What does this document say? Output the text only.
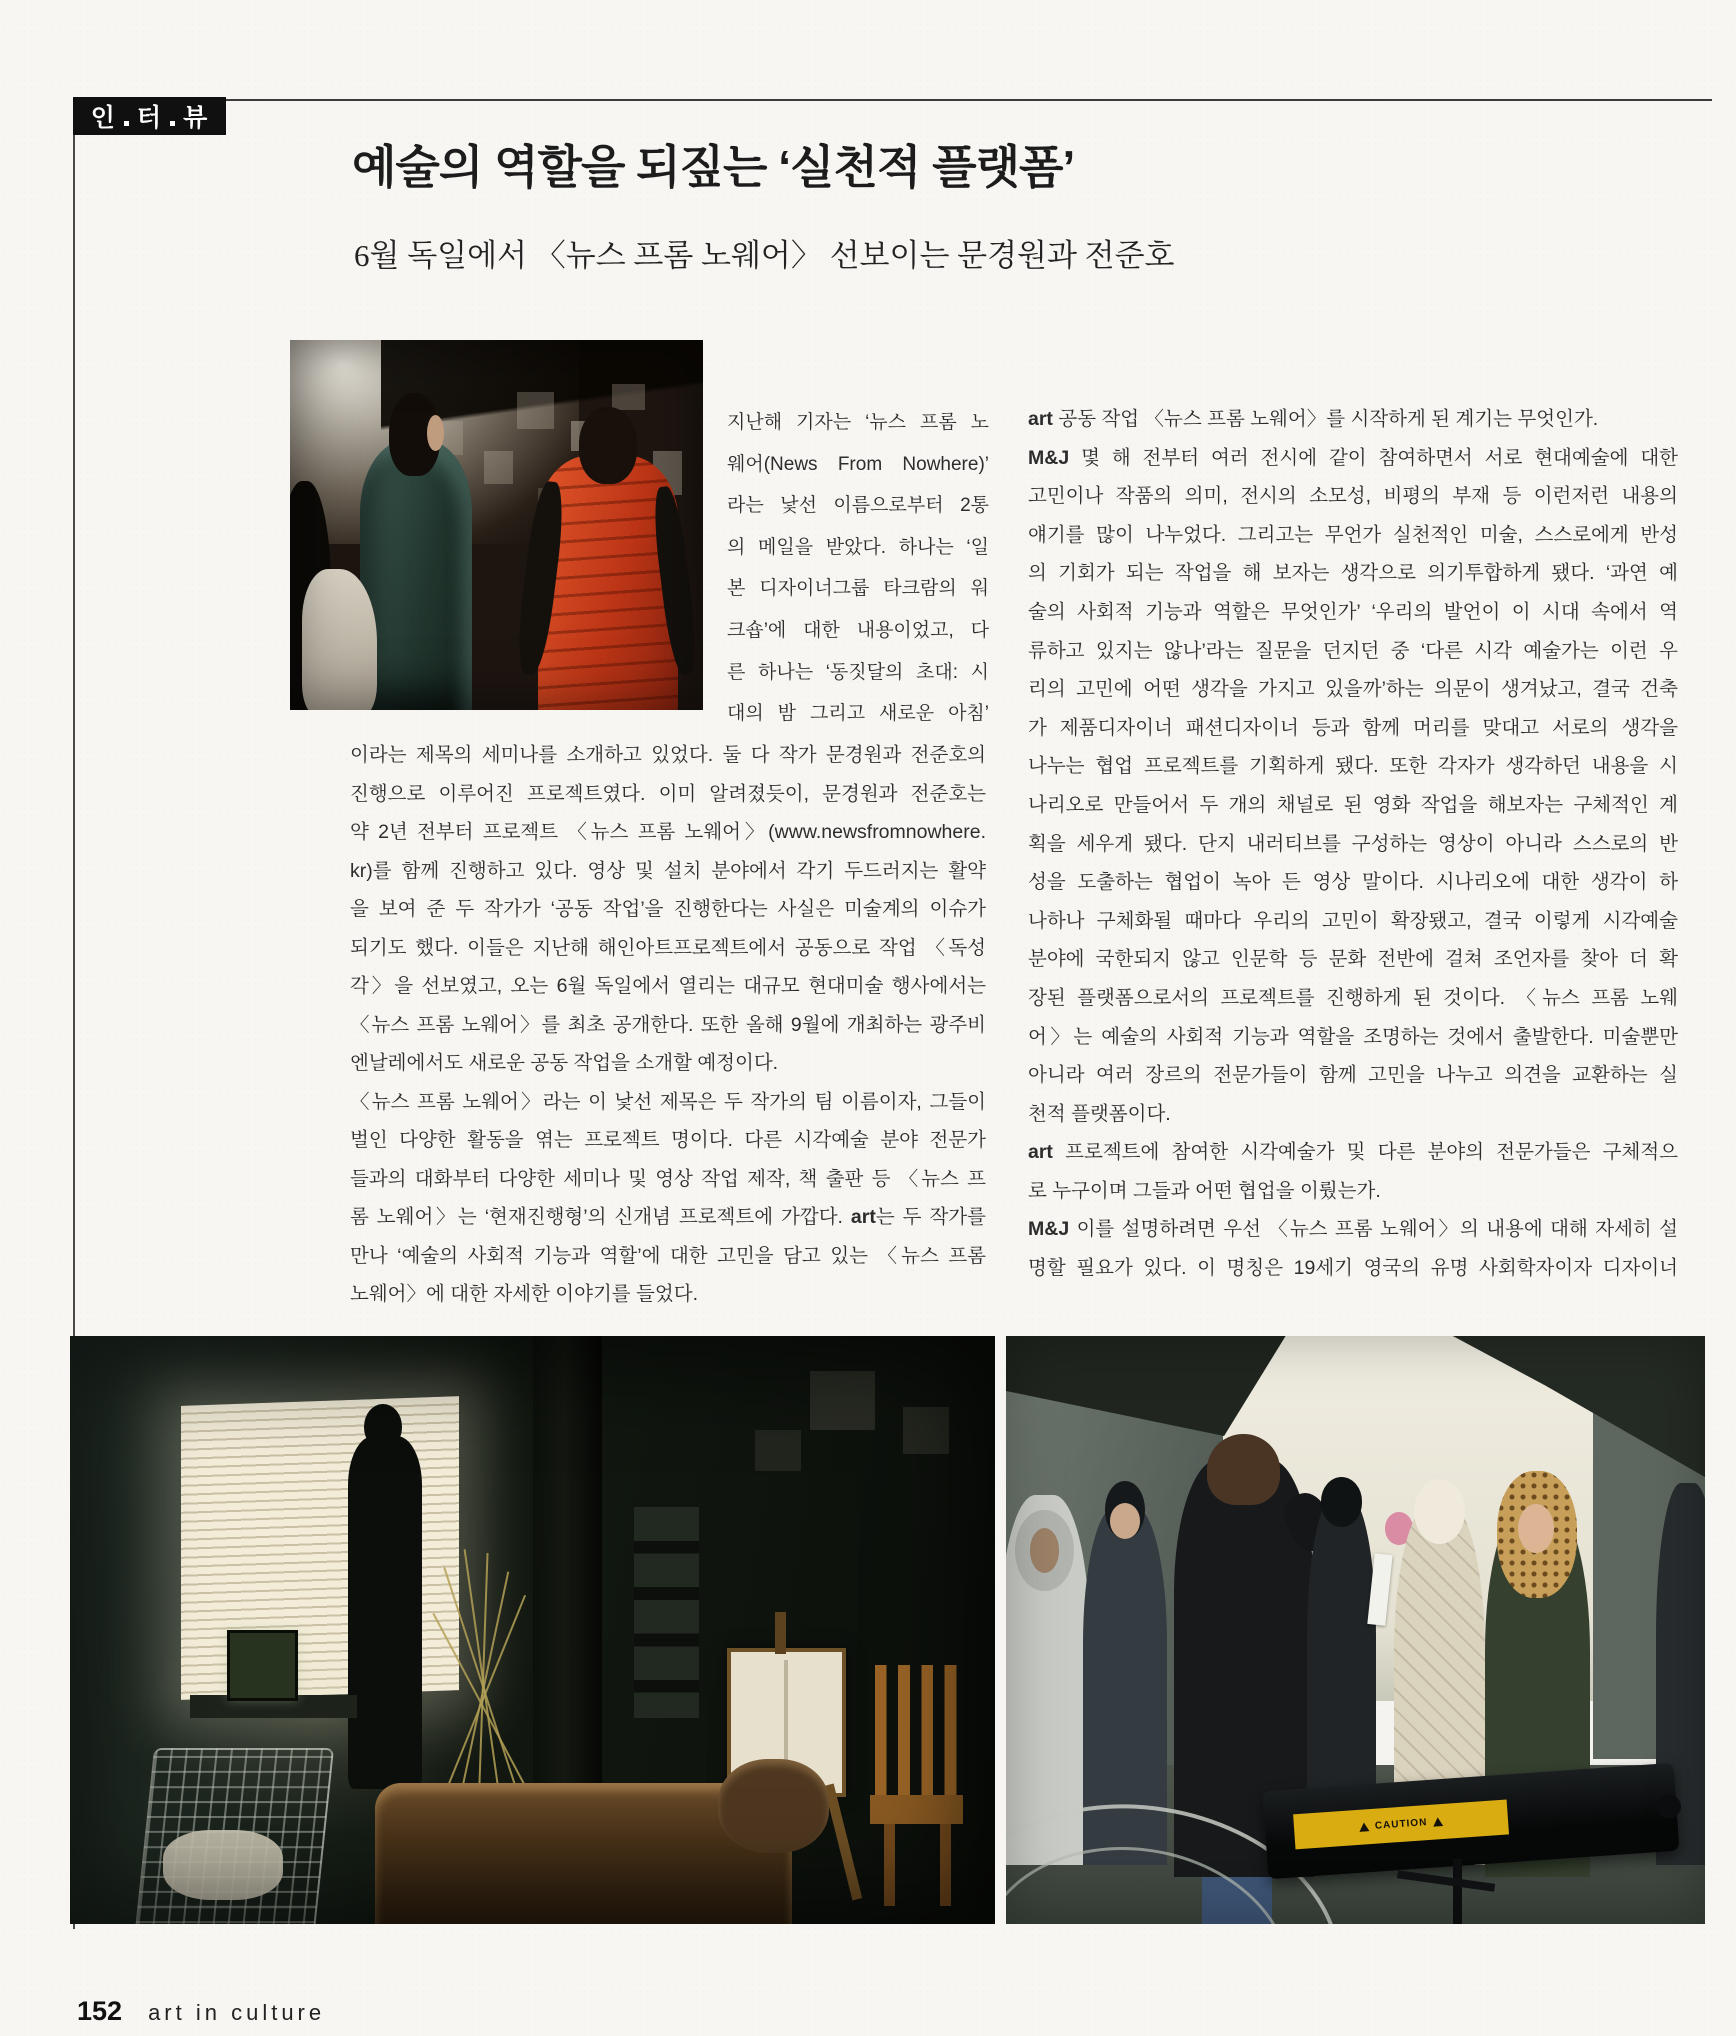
인 터 뷰
예술의 역할을 되짚는 ‘실천적 플랫폼’
6월 독일에서 〈뉴스 프롬 노웨어〉 선보이는 문경원과 전준호
지난해 기자는 ‘뉴스 프롬 노
웨어(News From Nowhere)’
라는 낯선 이름으로부터 2통
의 메일을 받았다. 하나는 ‘일
본 디자이너그룹 타크람의 워
크숍’에 대한 내용이었고, 다
른 하나는 ‘동짓달의 초대: 시
대의 밤 그리고 새로운 아침’
이라는 제목의 세미나를 소개하고 있었다. 둘 다 작가 문경원과 전준호의
진행으로 이루어진 프로젝트였다. 이미 알려졌듯이, 문경원과 전준호는
약 2년 전부터 프로젝트 〈뉴스 프롬 노웨어〉(www.newsfromnowhere.
kr)를 함께 진행하고 있다. 영상 및 설치 분야에서 각기 두드러지는 활약
을 보여 준 두 작가가 ‘공동 작업’을 진행한다는 사실은 미술계의 이슈가
되기도 했다. 이들은 지난해 해인아트프로젝트에서 공동으로 작업 〈독성
각〉을 선보였고, 오는 6월 독일에서 열리는 대규모 현대미술 행사에서는
〈뉴스 프롬 노웨어〉를 최초 공개한다. 또한 올해 9월에 개최하는 광주비
엔날레에서도 새로운 공동 작업을 소개할 예정이다.
〈뉴스 프롬 노웨어〉라는 이 낯선 제목은 두 작가의 팀 이름이자, 그들이
벌인 다양한 활동을 엮는 프로젝트 명이다. 다른 시각예술 분야 전문가
들과의 대화부터 다양한 세미나 및 영상 작업 제작, 책 출판 등 〈뉴스 프
롬 노웨어〉는 ‘현재진행형’의 신개념 프로젝트에 가깝다. art는 두 작가를
만나 ‘예술의 사회적 기능과 역할’에 대한 고민을 담고 있는 〈뉴스 프롬
노웨어〉에 대한 자세한 이야기를 들었다.
art 공동 작업 〈뉴스 프롬 노웨어〉를 시작하게 된 계기는 무엇인가.
M&J 몇 해 전부터 여러 전시에 같이 참여하면서 서로 현대예술에 대한
고민이나 작품의 의미, 전시의 소모성, 비평의 부재 등 이런저런 내용의
얘기를 많이 나누었다. 그리고는 무언가 실천적인 미술, 스스로에게 반성
의 기회가 되는 작업을 해 보자는 생각으로 의기투합하게 됐다. ‘과연 예
술의 사회적 기능과 역할은 무엇인가’ ‘우리의 발언이 이 시대 속에서 역
류하고 있지는 않나’라는 질문을 던지던 중 ‘다른 시각 예술가는 이런 우
리의 고민에 어떤 생각을 가지고 있을까’하는 의문이 생겨났고, 결국 건축
가 제품디자이너 패션디자이너 등과 함께 머리를 맞대고 서로의 생각을
나누는 협업 프로젝트를 기획하게 됐다. 또한 각자가 생각하던 내용을 시
나리오로 만들어서 두 개의 채널로 된 영화 작업을 해보자는 구체적인 계
획을 세우게 됐다. 단지 내러티브를 구성하는 영상이 아니라 스스로의 반
성을 도출하는 협업이 녹아 든 영상 말이다. 시나리오에 대한 생각이 하
나하나 구체화될 때마다 우리의 고민이 확장됐고, 결국 이렇게 시각예술
분야에 국한되지 않고 인문학 등 문화 전반에 걸쳐 조언자를 찾아 더 확
장된 플랫폼으로서의 프로젝트를 진행하게 된 것이다. 〈뉴스 프롬 노웨
어〉는 예술의 사회적 기능과 역할을 조명하는 것에서 출발한다. 미술뿐만
아니라 여러 장르의 전문가들이 함께 고민을 나누고 의견을 교환하는 실
천적 플랫폼이다.
art 프로젝트에 참여한 시각예술가 및 다른 분야의 전문가들은 구체적으
로 누구이며 그들과 어떤 협업을 이뤘는가.
M&J 이를 설명하려면 우선 〈뉴스 프롬 노웨어〉의 내용에 대해 자세히 설
명할 필요가 있다. 이 명칭은 19세기 영국의 유명 사회학자이자 디자이너
CAUTION
152 art in culture
